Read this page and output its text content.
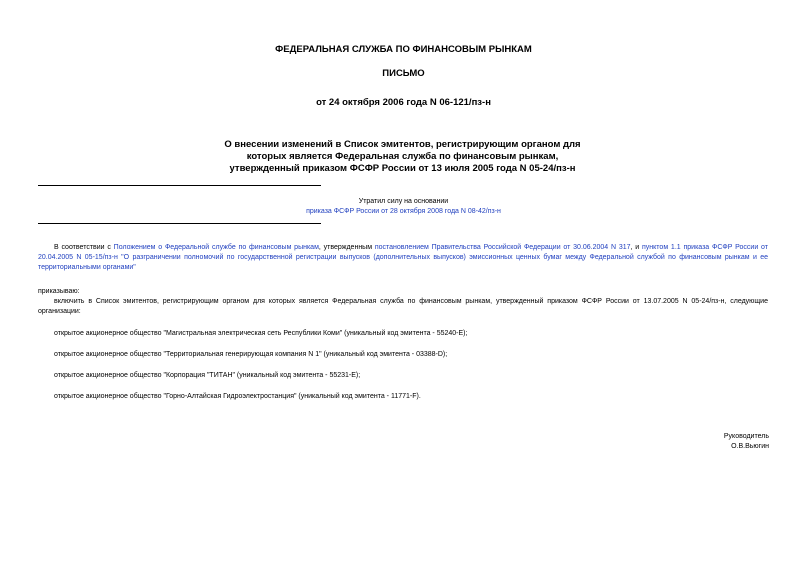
ФЕДЕРАЛЬНАЯ СЛУЖБА ПО ФИНАНСОВЫМ РЫНКАМ
ПИСЬМО
от 24 октября 2006 года N 06-121/пз-н
О внесении изменений в Список эмитентов, регистрирующим органом для
которых является Федеральная служба по финансовым рынкам,
утвержденный приказом ФСФР России от 13 июля 2005 года N 05-24/пз-н
Утратил силу на основании
приказа ФСФР России от 28 октября 2008 года N 08-42/пз-н
В соответствии с Положением о Федеральной службе по финансовым рынкам, утвержденным постановлением Правительства Российской Федерации от 30.06.2004 N 317, и пунктом 1.1 приказа ФСФР России от 20.04.2005 N 05-15/пз-н "О разграничении полномочий по государственной регистрации выпусков (дополнительных выпусков) эмиссионных ценных бумаг между Федеральной службой по финансовым рынкам и ее территориальными органами"
приказываю:
включить в Список эмитентов, регистрирующим органом для которых является Федеральная служба по финансовым рынкам, утвержденный приказом ФСФР России от 13.07.2005 N 05-24/пз-н, следующие организации:
открытое акционерное общество "Магистральная электрическая сеть Республики Коми" (уникальный код эмитента - 55240-Е);
открытое акционерное общество "Территориальная генерирующая компания N 1" (уникальный код эмитента - 03388-D);
открытое акционерное общество "Корпорация "ТИТАН" (уникальный код эмитента - 55231-Е);
открытое акционерное общество "Горно-Алтайская Гидроэлектростанция" (уникальный код эмитента - 11771-F).
Руководитель
О.В.Вьюгин
